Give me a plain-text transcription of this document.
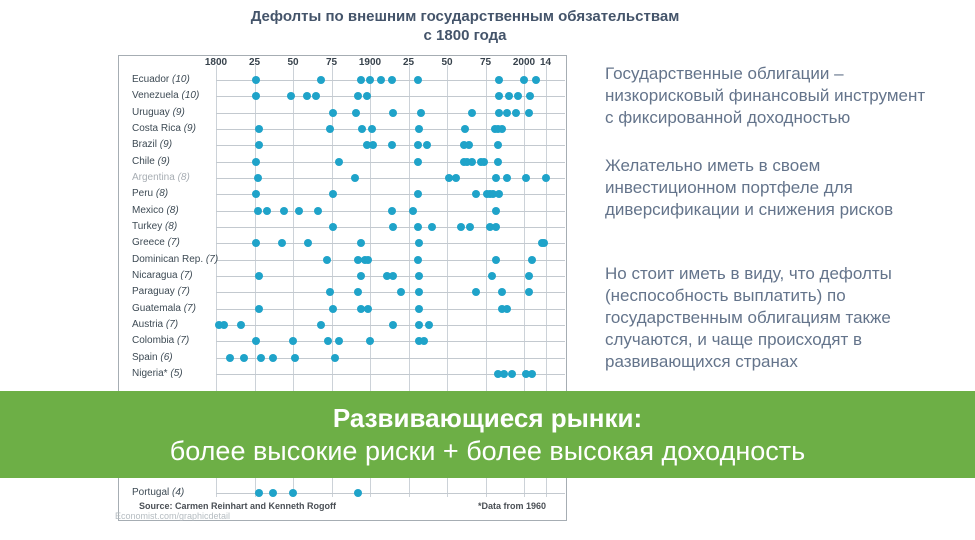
Дефолты по внешним государственным обязательствам
с 1800 года
Source: Carmen Reinhart and Kenneth Rogoff	*Data from 1960
Economist.com/graphicdetail
1800 25	50	75 1900 25	50	75 2000 14
Ecuador (10)
Venezuela (10)
Uruguay (9)
Costa Rica (9)
Brazil (9)
Chile (9)
Argentina (8)
Peru (8)
Mexico (8)
Turkey (8)
Greece (7)
Dominican Rep. (7)
Nicaragua (7)
Paraguay (7)
Guatemala (7)
Austria (7)
Colombia (7)
Spain (6)
Nigeria* (5)
Portugal (4)
Государственные облигации –
низкорисковый финансовый инструмент
с фиксированной доходностью
Желательно иметь в своем
инвестиционном портфеле для
диверсификации и снижения рисков
Но стоит иметь в виду, что дефолты
(неспособность выплатить) по
государственным облигациям также
случаются, и чаще происходят в
развивающихся странах
Развивающиеся рынки:
более высокие риски + более высокая доходность
